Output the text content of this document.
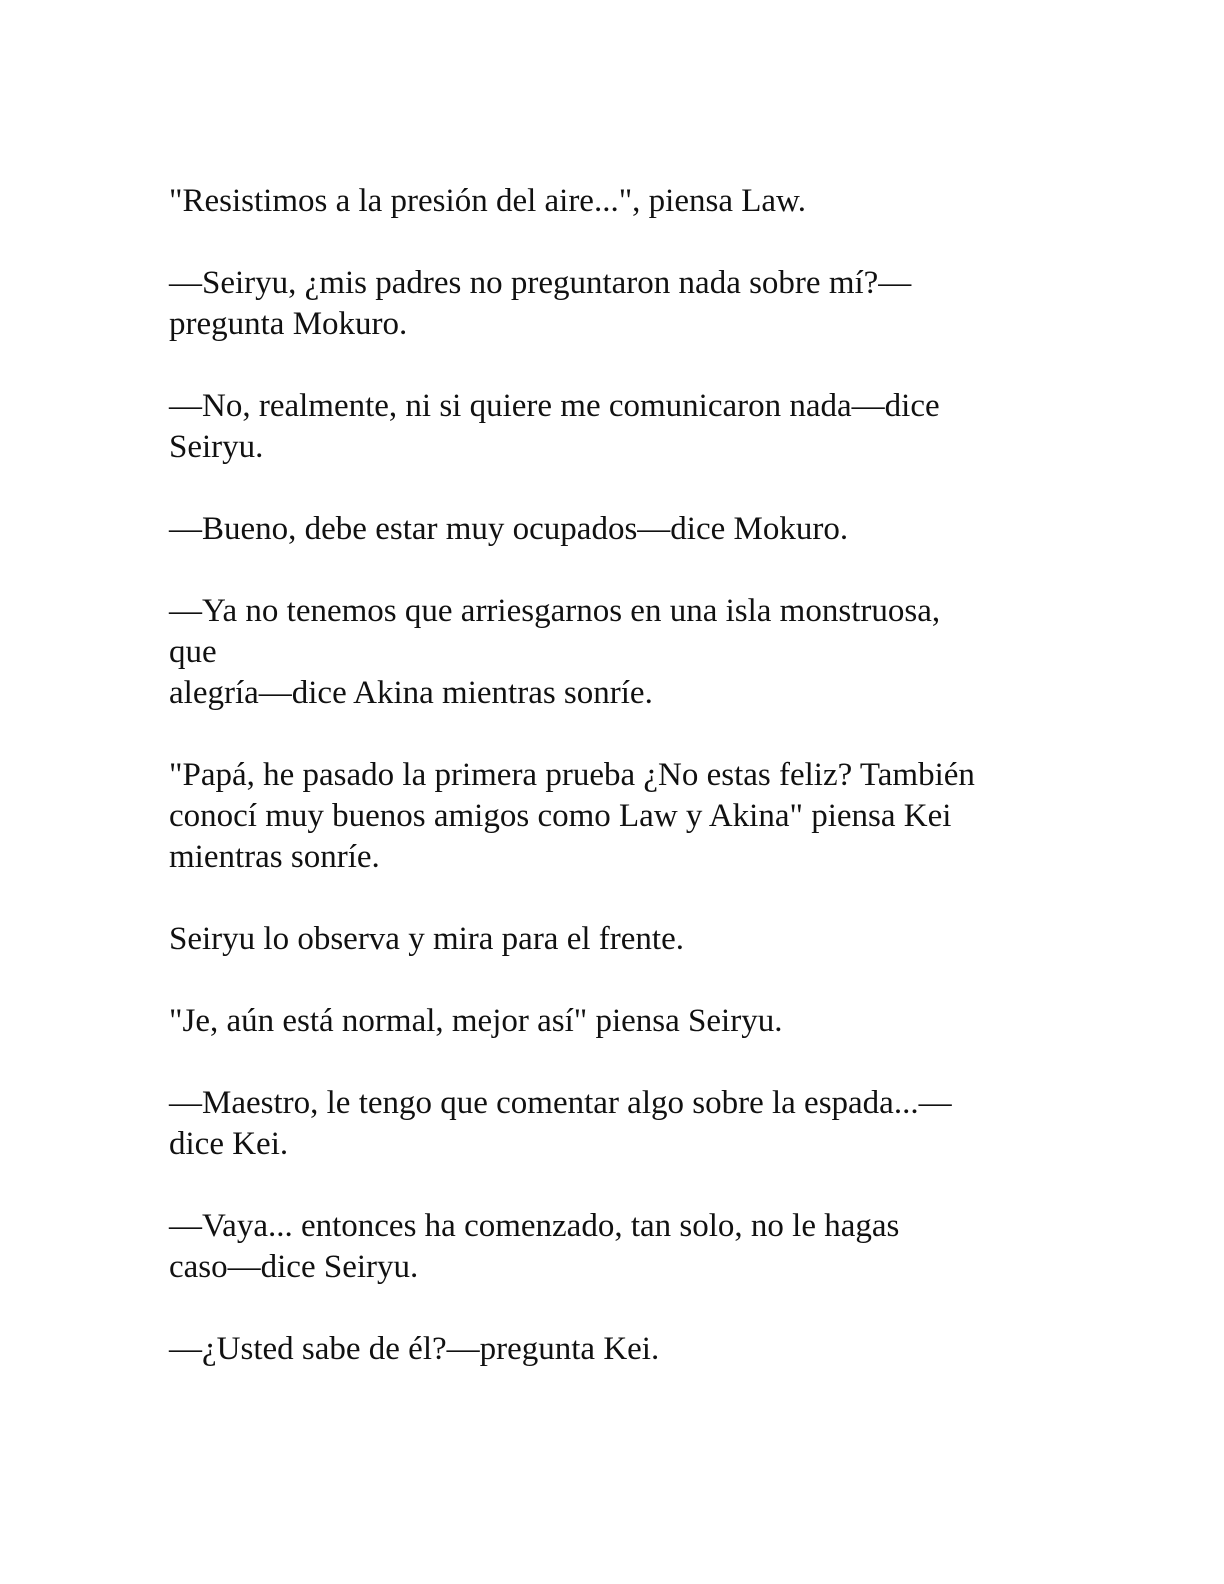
"Resistimos a la presión del aire...", piensa Law.

—Seiryu, ¿mis padres no preguntaron nada sobre mí?—
pregunta Mokuro.

—No, realmente, ni si quiere me comunicaron nada—dice
Seiryu.

—Bueno, debe estar muy ocupados—dice Mokuro.

—Ya no tenemos que arriesgarnos en una isla monstruosa,
que
alegría—dice Akina mientras sonríe.

"Papá, he pasado la primera prueba ¿No estas feliz? También
conocí muy buenos amigos como Law y Akina" piensa Kei
mientras sonríe.

Seiryu lo observa y mira para el frente.

"Je, aún está normal, mejor así" piensa Seiryu.

—Maestro, le tengo que comentar algo sobre la espada...—
dice Kei.

—Vaya... entonces ha comenzado, tan solo, no le hagas
caso—dice Seiryu.

—¿Usted sabe de él?—pregunta Kei.
